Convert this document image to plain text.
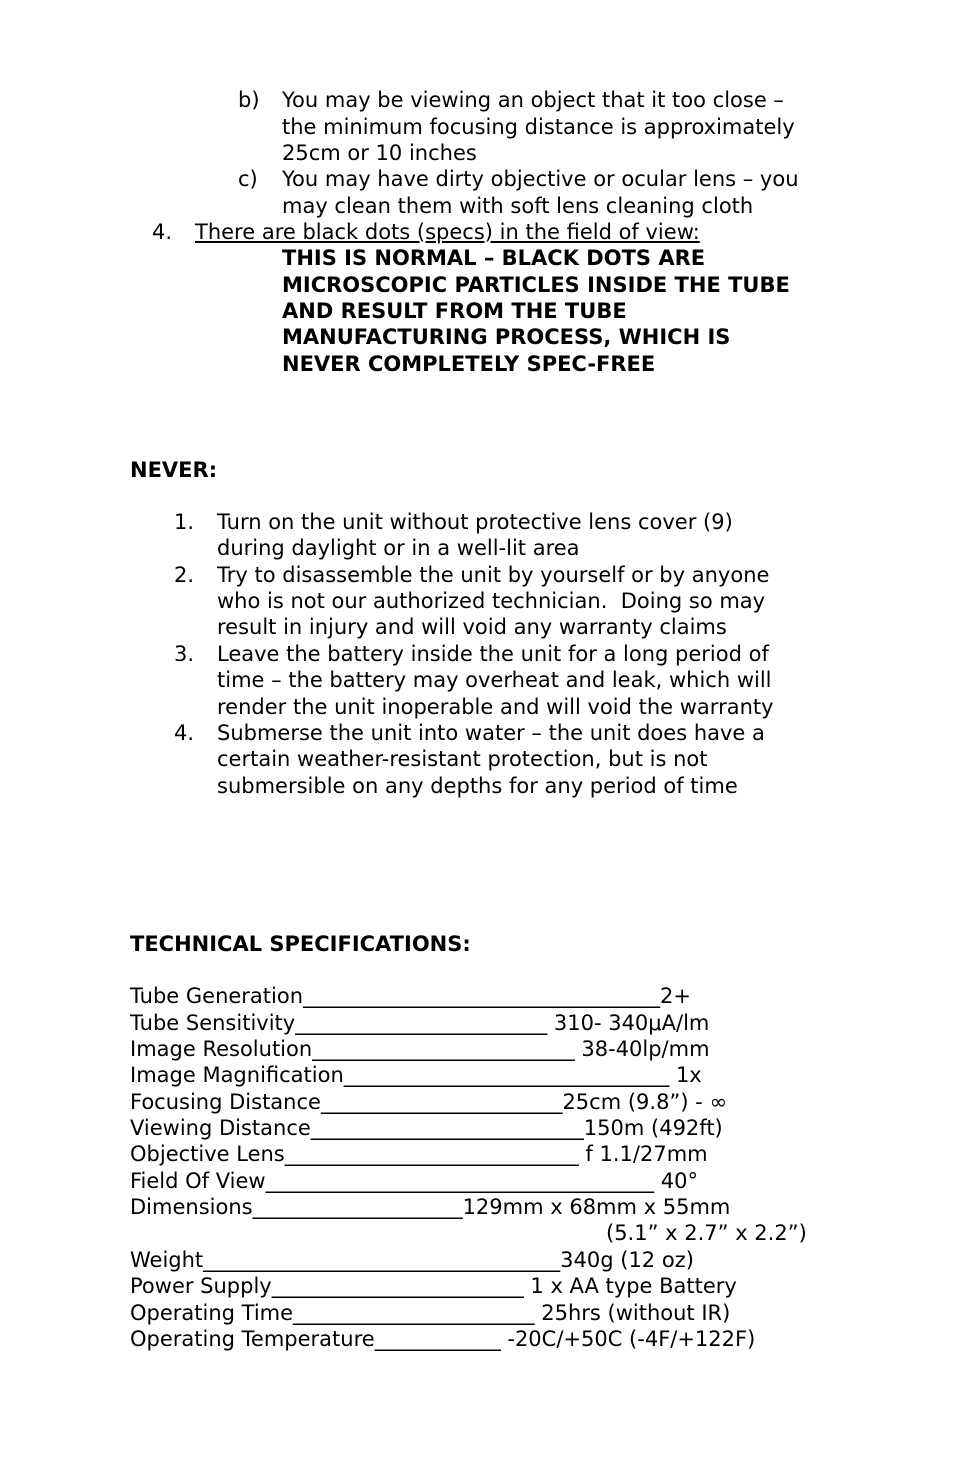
b) You may be viewing an object that it too close –
the minimum focusing distance is approximately
25cm or 10 inches
c) You may have dirty objective or ocular lens – you
may clean them with soft lens cleaning cloth
4. There are black dots (specs) in the field of view:
THIS IS NORMAL – BLACK DOTS ARE
MICROSCOPIC PARTICLES INSIDE THE TUBE
AND RESULT FROM THE TUBE
MANUFACTURING PROCESS, WHICH IS
NEVER COMPLETELY SPEC-FREE
NEVER:
1. Turn on the unit without protective lens cover (9)
during daylight or in a well-lit area
2. Try to disassemble the unit by yourself or by anyone
who is not our authorized technician.  Doing so may
result in injury and will void any warranty claims
3. Leave the battery inside the unit for a long period of
time – the battery may overheat and leak, which will
render the unit inoperable and will void the warranty
4. Submerse the unit into water – the unit does have a
certain weather-resistant protection, but is not
submersible on any depths for any period of time
TECHNICAL SPECIFICATIONS:
Tube Generation__________________________________2+
Tube Sensitivity________________________ 310- 340μA/lm
Image Resolution_________________________ 38-40lp/mm
Image Magnification_______________________________ 1x
Focusing Distance_______________________25cm (9.8”) - ∞
Viewing Distance__________________________150m (492ft)
Objective Lens____________________________ f 1.1/27mm
Field Of View_____________________________________ 40°
Dimensions____________________129mm x 68mm x 55mm
(5.1” x 2.7” x 2.2”)
Weight__________________________________340g (12 oz)
Power Supply________________________ 1 x AA type Battery
Operating Time_______________________ 25hrs (without IR)
Operating Temperature____________ -20C/+50C (-4F/+122F)
